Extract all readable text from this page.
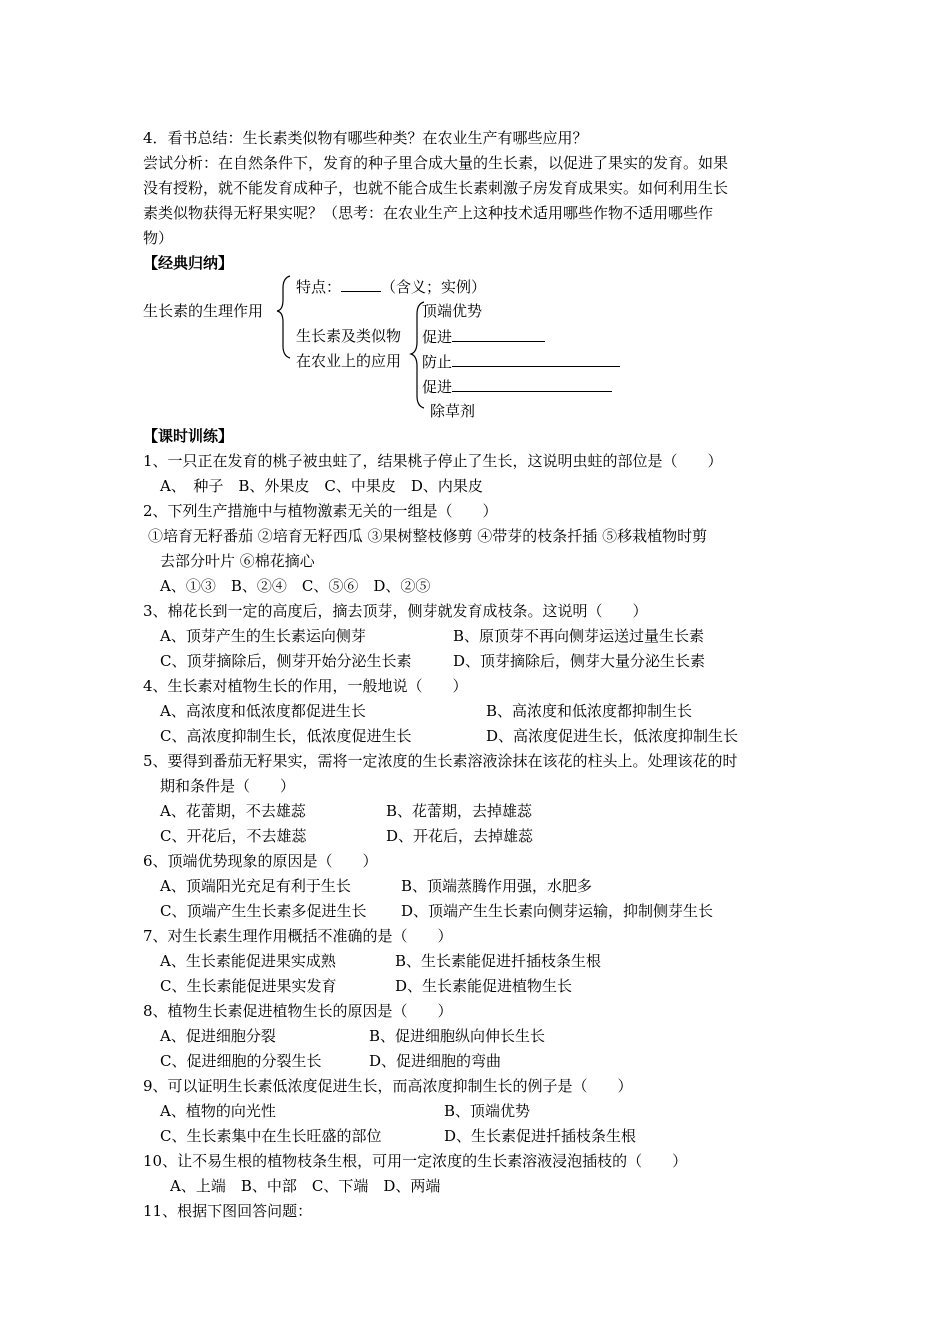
4．看书总结：生长素类似物有哪些种类？在农业生产有哪些应用？
尝试分析：在自然条件下，发育的种子里合成大量的生长素，以促进了果实的发育。如果
没有授粉，就不能发育成种子，也就不能合成生长素刺激子房发育成果实。如何利用生长
素类似物获得无籽果实呢？（思考：在农业生产上这种技术适用哪些作物不适用哪些作
物）
【经典归纳】
生长素的生理作用
特点：	（含义；实例）
生长素及类似物
在农业上的应用
顶端优势
促进
防止
促进
除草剂
【课时训练】
1、一只正在发育的桃子被虫蛀了，结果桃子停止了生长，这说明虫蛀的部位是（　　）
A、　种子　B、外果皮　C、中果皮　D、内果皮
2、下列生产措施中与植物激素无关的一组是（　　）
①培育无籽番茄 ②培育无籽西瓜 ③果树整枝修剪 ④带芽的枝条扦插 ⑤移栽植物时剪
去部分叶片 ⑥棉花摘心
A、①③　B、②④　C、⑤⑥　D、②⑤
3、棉花长到一定的高度后，摘去顶芽，侧芽就发育成枝条。这说明（　　）
A、顶芽产生的生长素运向侧芽	B、原顶芽不再向侧芽运送过量生长素
C、顶芽摘除后，侧芽开始分泌生长素	D、顶芽摘除后，侧芽大量分泌生长素
4、生长素对植物生长的作用，一般地说（　　）
A、高浓度和低浓度都促进生长	B、高浓度和低浓度都抑制生长
C、高浓度抑制生长，低浓度促进生长	D、高浓度促进生长，低浓度抑制生长
5、要得到番茄无籽果实，需将一定浓度的生长素溶液涂抹在该花的柱头上。处理该花的时
期和条件是（　　）
A、花蕾期，不去雄蕊	B、花蕾期，去掉雄蕊
C、开花后，不去雄蕊	D、开花后，去掉雄蕊
6、顶端优势现象的原因是（　　）
A、顶端阳光充足有利于生长	B、顶端蒸腾作用强，水肥多
C、顶端产生生长素多促进生长 D、顶端产生生长素向侧芽运输，抑制侧芽生长
7、对生长素生理作用概括不准确的是（　　）
A、生长素能促进果实成熟	B、生长素能促进扦插枝条生根
C、生长素能促进果实发育	D、生长素能促进植物生长
8、植物生长素促进植物生长的原因是（　　）
A、促进细胞分裂	B、促进细胞纵向伸长生长
C、促进细胞的分裂生长	D、促进细胞的弯曲
9、可以证明生长素低浓度促进生长，而高浓度抑制生长的例子是（　　）
A、植物的向光性	B、顶端优势
C、生长素集中在生长旺盛的部位	D、生长素促进扦插枝条生根
10、让不易生根的植物枝条生根，可用一定浓度的生长素溶液浸泡插枝的（　　）
A、上端　B、中部　C、下端　D、两端
11、根据下图回答问题：
